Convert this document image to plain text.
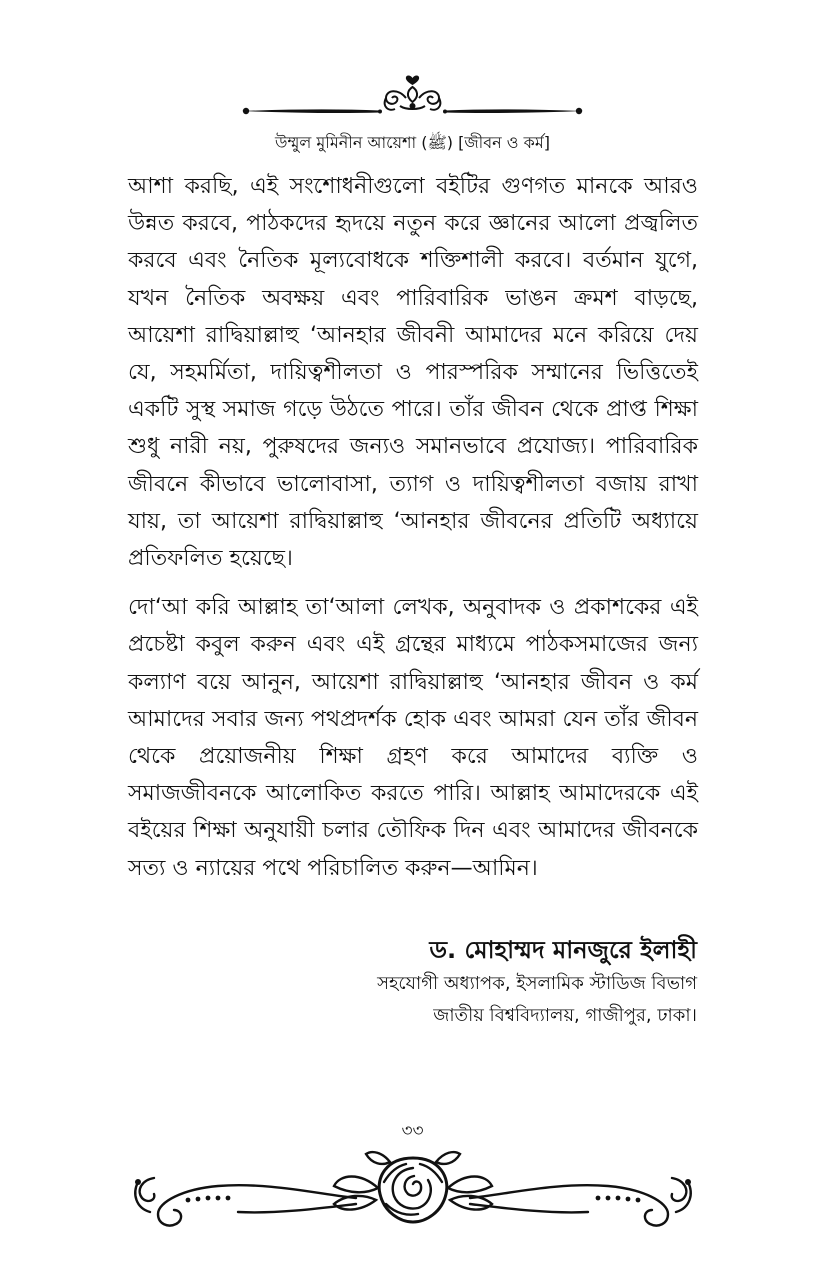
উম্মুল মুমিনীন আয়েশা (ﷺ) [জীবন ও কর্ম]

আশা করছি, এই সংশোধনীগুলো বইটির গুণগত মানকে আরও উন্নত করবে, পাঠকদের হৃদয়ে নতুন করে জ্ঞানের আলো প্রজ্বলিত করবে এবং নৈতিক মূল্যবোধকে শক্তিশালী করবে। বর্তমান যুগে, যখন নৈতিক অবক্ষয় এবং পারিবারিক ভাঙন ক্রমশ বাড়ছে, আয়েশা রাদ্বিয়াল্লাহু ‘আনহার জীবনী আমাদের মনে করিয়ে দেয় যে, সহমর্মিতা, দায়িত্বশীলতা ও পারস্পরিক সম্মানের ভিত্তিতেই একটি সুস্থ সমাজ গড়ে উঠতে পারে। তাঁর জীবন থেকে প্রাপ্ত শিক্ষা শুধু নারী নয়, পুরুষদের জন্যও সমানভাবে প্রযোজ্য। পারিবারিক জীবনে কীভাবে ভালোবাসা, ত্যাগ ও দায়িত্বশীলতা বজায় রাখা যায়, তা আয়েশা রাদ্বিয়াল্লাহু ‘আনহার জীবনের প্রতিটি অধ্যায়ে প্রতিফলিত হয়েছে।

দো‘আ করি আল্লাহ তা‘আলা লেখক, অনুবাদক ও প্রকাশকের এই প্রচেষ্টা কবুল করুন এবং এই গ্রন্থের মাধ্যমে পাঠকসমাজের জন্য কল্যাণ বয়ে আনুন, আয়েশা রাদ্বিয়াল্লাহু ‘আনহার জীবন ও কর্ম আমাদের সবার জন্য পথপ্রদর্শক হোক এবং আমরা যেন তাঁর জীবন থেকে প্রয়োজনীয় শিক্ষা গ্রহণ করে আমাদের ব্যক্তি ও সমাজজীবনকে আলোকিত করতে পারি। আল্লাহ আমাদেরকে এই বইয়ের শিক্ষা অনুযায়ী চলার তৌফিক দিন এবং আমাদের জীবনকে সত্য ও ন্যায়ের পথে পরিচালিত করুন—আমিন।

ড. মোহাম্মদ মানজুরে ইলাহী
সহযোগী অধ্যাপক, ইসলামিক স্টাডিজ বিভাগ
জাতীয় বিশ্ববিদ্যালয়, গাজীপুর, ঢাকা।
৩৩
